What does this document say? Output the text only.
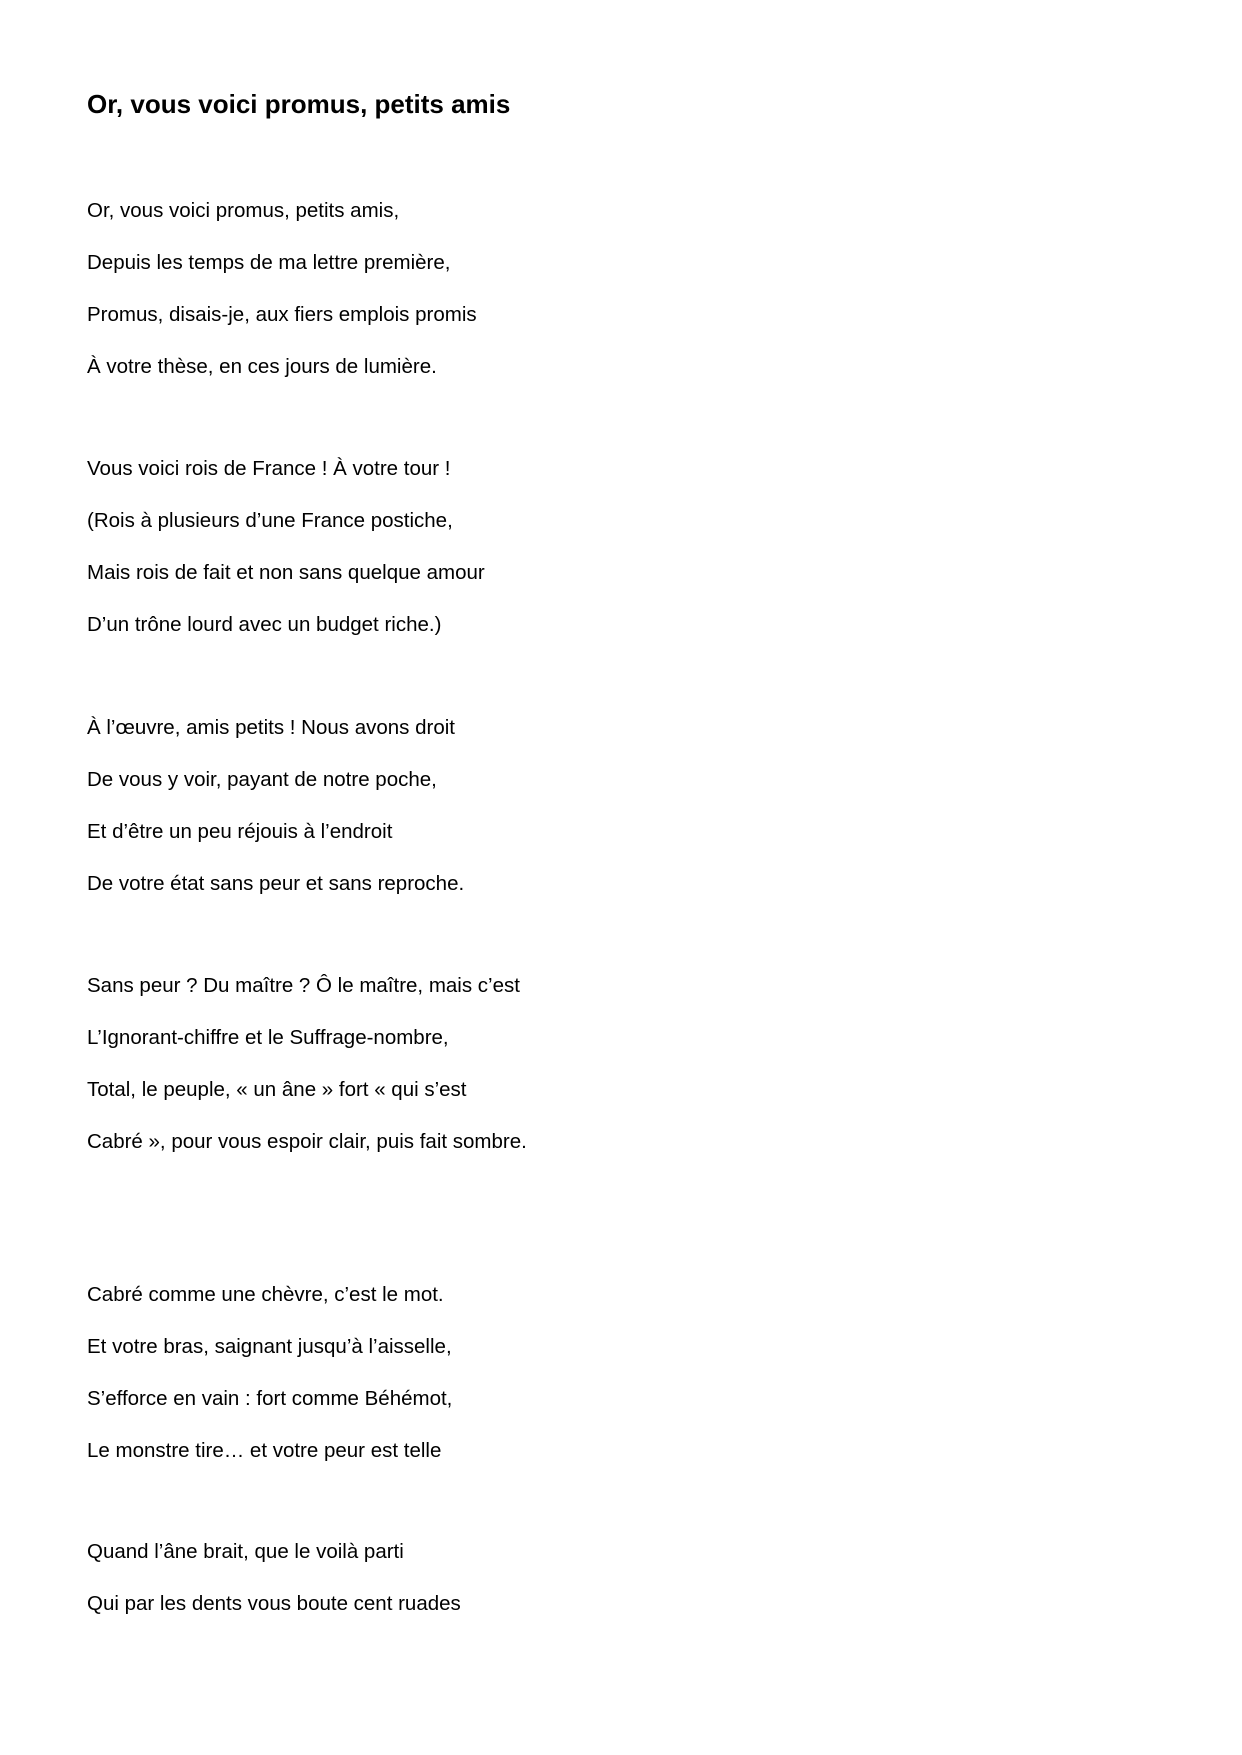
Or, vous voici promus, petits amis
Or, vous voici promus, petits amis,
Depuis les temps de ma lettre première,
Promus, disais-je, aux fiers emplois promis
À votre thèse, en ces jours de lumière.
Vous voici rois de France ! À votre tour !
(Rois à plusieurs d’une France postiche,
Mais rois de fait et non sans quelque amour
D’un trône lourd avec un budget riche.)
À l’œuvre, amis petits ! Nous avons droit
De vous y voir, payant de notre poche,
Et d’être un peu réjouis à l’endroit
De votre état sans peur et sans reproche.
Sans peur ? Du maître ? Ô le maître, mais c’est
L’Ignorant-chiffre et le Suffrage-nombre,
Total, le peuple, « un âne » fort « qui s’est
Cabré », pour vous espoir clair, puis fait sombre.
Cabré comme une chèvre, c’est le mot.
Et votre bras, saignant jusqu’à l’aisselle,
S’efforce en vain : fort comme Béhémot,
Le monstre tire… et votre peur est telle
Quand l’âne brait, que le voilà parti
Qui par les dents vous boute cent ruades
